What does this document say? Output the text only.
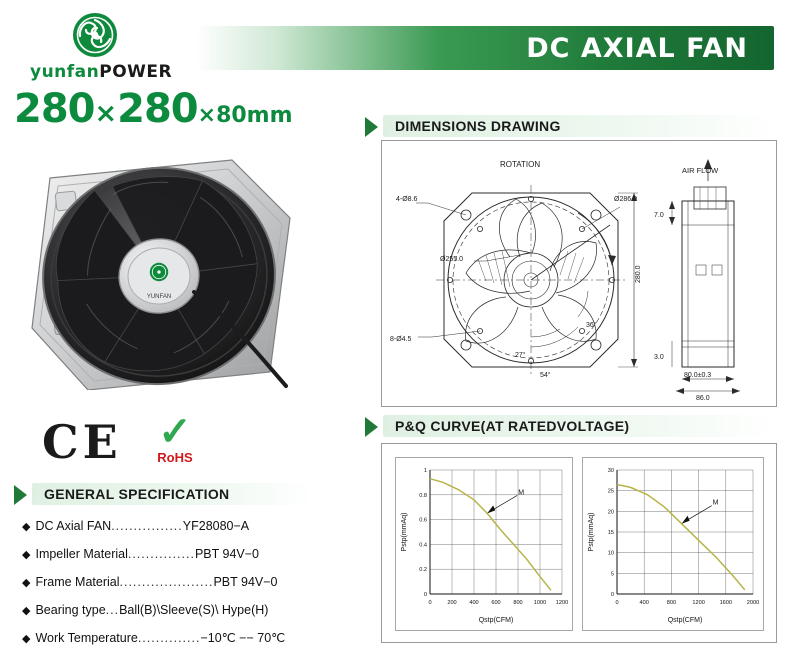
yunfanPOWER
DC AXIAL FAN
280×280×80mm
YUNFAN
CE ✓
RoHS
GENERAL SPECIFICATION
◆ DC Axial FAN................YF28080−A
◆ Impeller Material...............PBT 94V−0
◆ Frame Material.....................PBT 94V−0
◆ Bearing type...Ball(B)\Sleeve(S)\ Hype(H)
◆ Work Temperature..............−10℃ −− 70℃
DIMENSIONS DRAWING
ROTATION
AIR FLOW
4-Ø8.6
8-Ø4.5
Ø286.0
Ø255.0
280.0
27°
54°
36°
7.0
3.0
80.0±0.3
86.0
P&Q CURVE(AT RATEDVOLTAGE)
0	200 400 600 800 1000 1200
0
0.2
0.4
0.6
0.8
1
Qstp(CFM)
Pstp(mmAq)
M
0	400	800	1200	1600	2000
0
5
10
15
20
25
30
Qstp(CFM)
Pstp(mmAq)
M
